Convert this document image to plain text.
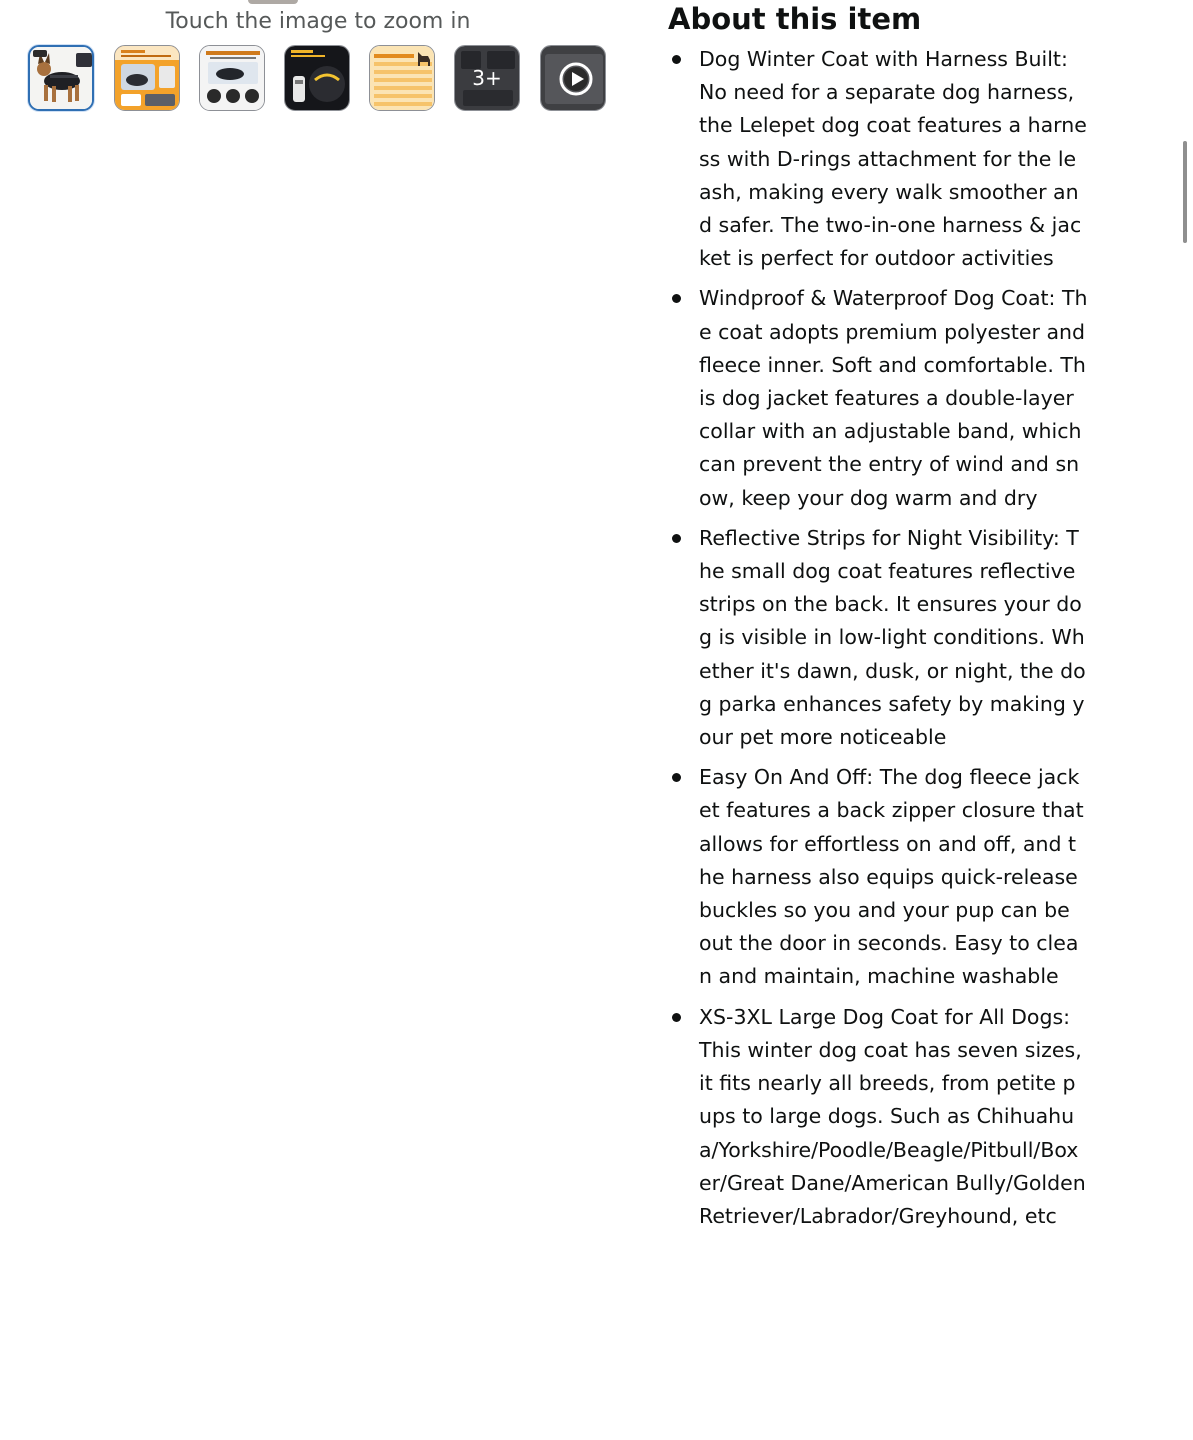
Touch the image to zoom in
3+
About this item
Dog Winter Coat with Harness Built: No need for a separate dog harness, the Lelepet dog coat features a harness with D-rings attachment for the leash, making every walk smoother and safer. The two-in-one harness & jacket is perfect for outdoor activities
Windproof & Waterproof Dog Coat: The coat adopts premium polyester and fleece inner. Soft and comfortable. This dog jacket features a double-layer collar with an adjustable band, which can prevent the entry of wind and snow, keep your dog warm and dry
Reflective Strips for Night Visibility: The small dog coat features reflective strips on the back. It ensures your dog is visible in low-light conditions. Whether it's dawn, dusk, or night, the dog parka enhances safety by making your pet more noticeable
Easy On And Off: The dog fleece jacket features a back zipper closure that allows for effortless on and off, and the harness also equips quick-release buckles so you and your pup can be out the door in seconds. Easy to clean and maintain, machine washable
XS-3XL Large Dog Coat for All Dogs: This winter dog coat has seven sizes, it fits nearly all breeds, from petite pups to large dogs. Such as Chihuahua/Yorkshire/Poodle/Beagle/Pitbull/Boxer/Great Dane/American Bully/Golden Retriever/Labrador/Greyhound, etc
